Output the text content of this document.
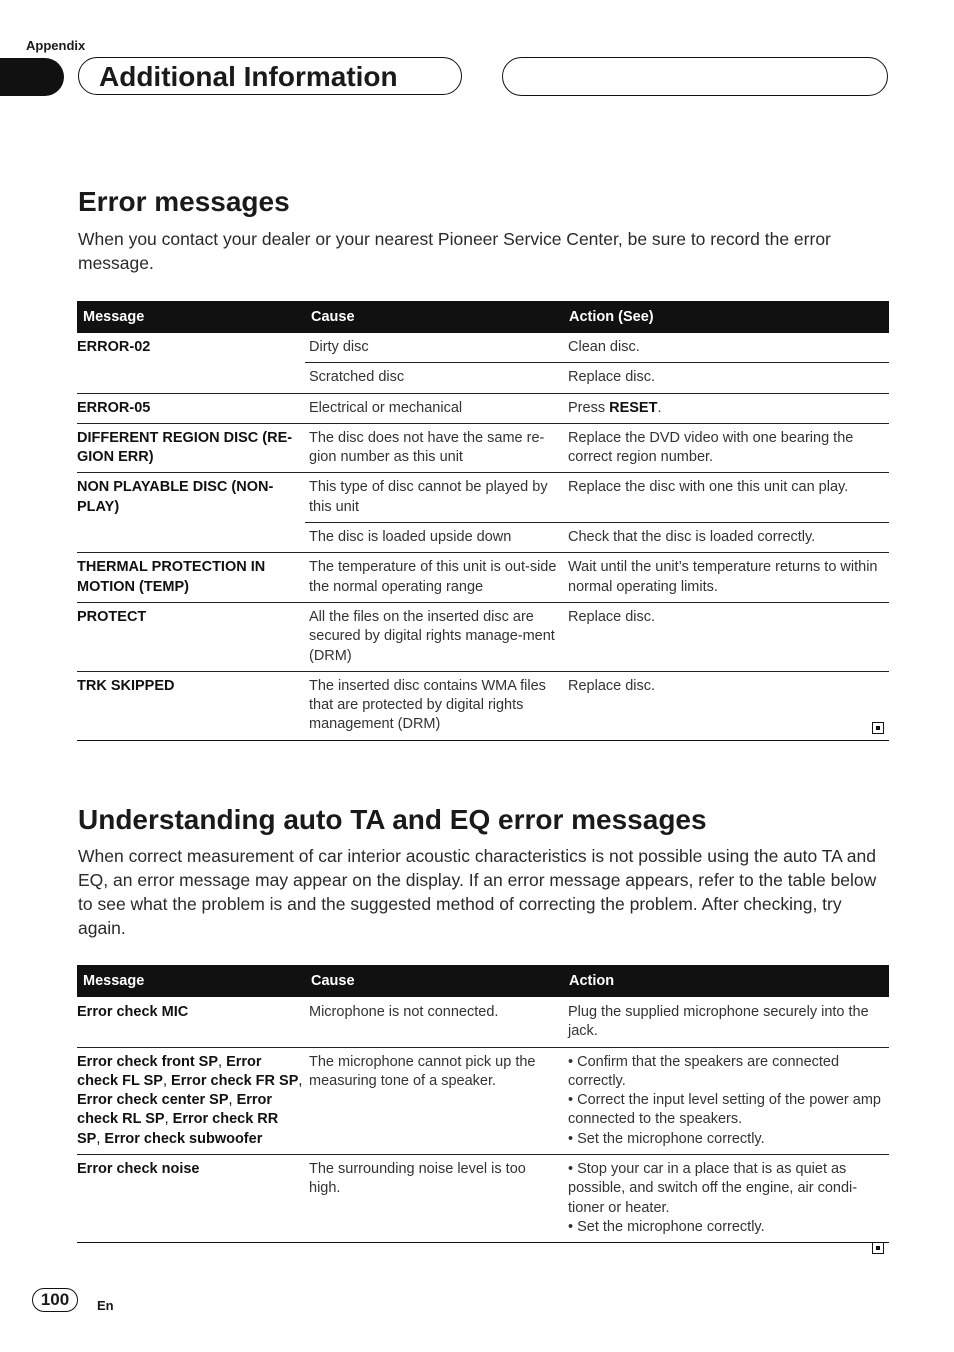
Appendix
Additional Information
Error messages

When you contact your dealer or your nearest Pioneer Service Center, be sure to record the error message.

Message	Cause	Action (See)
ERROR-02	Dirty disc	Clean disc.
	Scratched disc	Replace disc.
ERROR-05	Electrical or mechanical	Press RESET.
DIFFERENT REGION DISC (RE-GION ERR)	The disc does not have the same re-gion number as this unit	Replace the DVD video with one bearing the correct region number.
NON PLAYABLE DISC (NON-PLAY)	This type of disc cannot be played by this unit	Replace the disc with one this unit can play.
	The disc is loaded upside down	Check that the disc is loaded correctly.
THERMAL PROTECTION IN MOTION (TEMP)	The temperature of this unit is out-side the normal operating range	Wait until the unit’s temperature returns to within normal operating limits.
PROTECT	All the files on the inserted disc are secured by digital rights manage-ment (DRM)	Replace disc.
TRK SKIPPED	The inserted disc contains WMA files that are protected by digital rights management (DRM)	Replace disc.
Understanding auto TA and EQ error messages

When correct measurement of car interior acoustic characteristics is not possible using the auto TA and EQ, an error message may appear on the display. If an error message appears, refer to the table below to see what the problem is and the suggested method of correcting the problem. After checking, try again.

Message	Cause	Action
Error check MIC	Microphone is not connected.	Plug the supplied microphone securely into the jack.
Error check front SP, Error check FL SP, Error check FR SP, Error check center SP, Error check RL SP, Error check RR SP, Error check subwoofer	The microphone cannot pick up the measuring tone of a speaker.	• Confirm that the speakers are connected correctly.
• Correct the input level setting of the power amp connected to the speakers.
• Set the microphone correctly.

Error check noise	The surrounding noise level is too high.	• Stop your car in a place that is as quiet as possible, and switch off the engine, air condi-tioner or heater.
• Set the microphone correctly.
100	En
